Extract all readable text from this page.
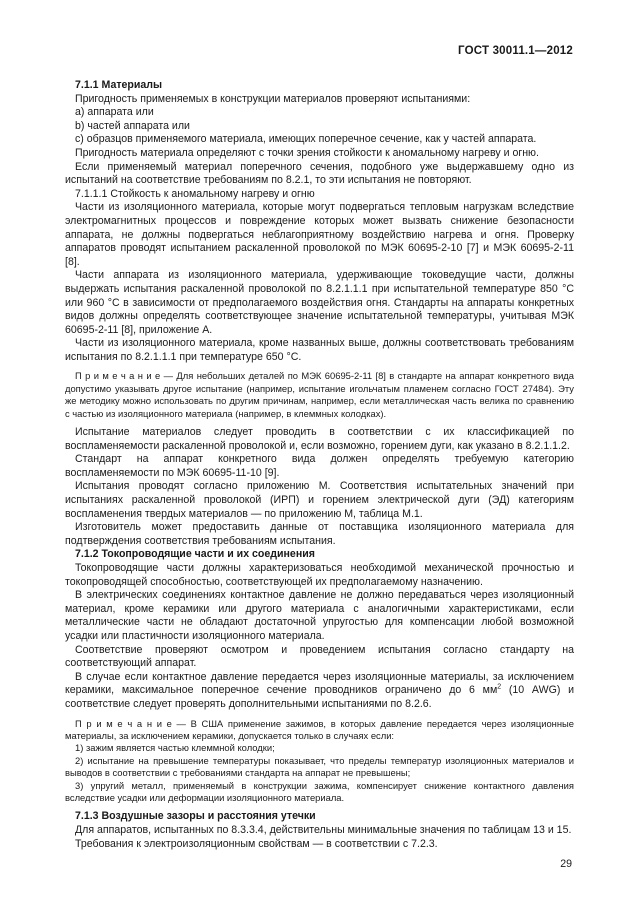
ГОСТ 30011.1—2012

7.1.1 Материалы

Пригодность применяемых в конструкции материалов проверяют испытаниями:

а) аппарата или

b) частей аппарата или

с) образцов применяемого материала, имеющих поперечное сечение, как у частей аппарата.

Пригодность материала определяют с точки зрения стойкости к аномальному нагреву и огню.

Если применяемый материал поперечного сечения, подобного уже выдержавшему одно из испытаний на соответствие требованиям по 8.2.1, то эти испытания не повторяют.

7.1.1.1 Стойкость к аномальному нагреву и огню

Части из изоляционного материала, которые могут подвергаться тепловым нагрузкам вследствие электромагнитных процессов и повреждение которых может вызвать снижение безопасности аппарата, не должны подвергаться неблагоприятному воздействию нагрева и огня. Проверку аппаратов проводят испытанием раскаленной проволокой по МЭК 60695-2-10 [7] и МЭК 60695-2-11 [8].

Части аппарата из изоляционного материала, удерживающие токоведущие части, должны выдержать испытания раскаленной проволокой по 8.2.1.1.1 при испытательной температуре 850 °С или 960 °С в зависимости от предполагаемого воздействия огня. Стандарты на аппараты конкретных видов должны определять соответствующее значение испытательной температуры, учитывая МЭК 60695-2-11 [8], приложение А.

Части из изоляционного материала, кроме названных выше, должны соответствовать требованиям испытания по 8.2.1.1.1 при температуре 650 °С.

П р и м е ч а н и е — Для небольших деталей по МЭК 60695-2-11 [8] в стандарте на аппарат конкретного вида допустимо указывать другое испытание (например, испытание игольчатым пламенем согласно ГОСТ 27484). Эту же методику можно использовать по другим причинам, например, если металлическая часть велика по сравнению с частью из изоляционного материала (например, в клеммных колодках).

Испытание материалов следует проводить в соответствии с их классификацией по воспламеняемости раскаленной проволокой и, если возможно, горением дуги, как указано в 8.2.1.1.2.

Стандарт на аппарат конкретного вида должен определять требуемую категорию воспламеняемости по МЭК 60695-11-10 [9].

Испытания проводят согласно приложению М. Соответствия испытательных значений при испытаниях раскаленной проволокой (ИРП) и горением электрической дуги (ЭД) категориям воспламенения твердых материалов — по приложению М, таблица М.1.

Изготовитель может предоставить данные от поставщика изоляционного материала для подтверждения соответствия требованиям испытания.

7.1.2 Токопроводящие части и их соединения

Токопроводящие части должны характеризоваться необходимой механической прочностью и токопроводящей способностью, соответствующей их предполагаемому назначению.

В электрических соединениях контактное давление не должно передаваться через изоляционный материал, кроме керамики или другого материала с аналогичными характеристиками, если металлические части не обладают достаточной упругостью для компенсации любой возможной усадки или пластичности изоляционного материала.

Соответствие проверяют осмотром и проведением испытания согласно стандарту на соответствующий аппарат.

В случае если контактное давление передается через изоляционные материалы, за исключением керамики, максимальное поперечное сечение проводников ограничено до 6 $мм^2$ (10 AWG) и соответствие следует проверять дополнительными испытаниями по 8.2.6.

П р и м е ч а н и е — В США применение зажимов, в которых давление передается через изоляционные материалы, за исключением керамики, допускается только в случаях если:

1) зажим является частью клеммной колодки;

2) испытание на превышение температуры показывает, что пределы температур изоляционных материалов и выводов в соответствии с требованиями стандарта на аппарат не превышены;

3) упругий металл, применяемый в конструкции зажима, компенсирует снижение контактного давления вследствие усадки или деформации изоляционного материала.

7.1.3 Воздушные зазоры и расстояния утечки

Для аппаратов, испытанных по 8.3.3.4, действительны минимальные значения по таблицам 13 и 15.

Требования к электроизоляционным свойствам — в соответствии с 7.2.3.

29
